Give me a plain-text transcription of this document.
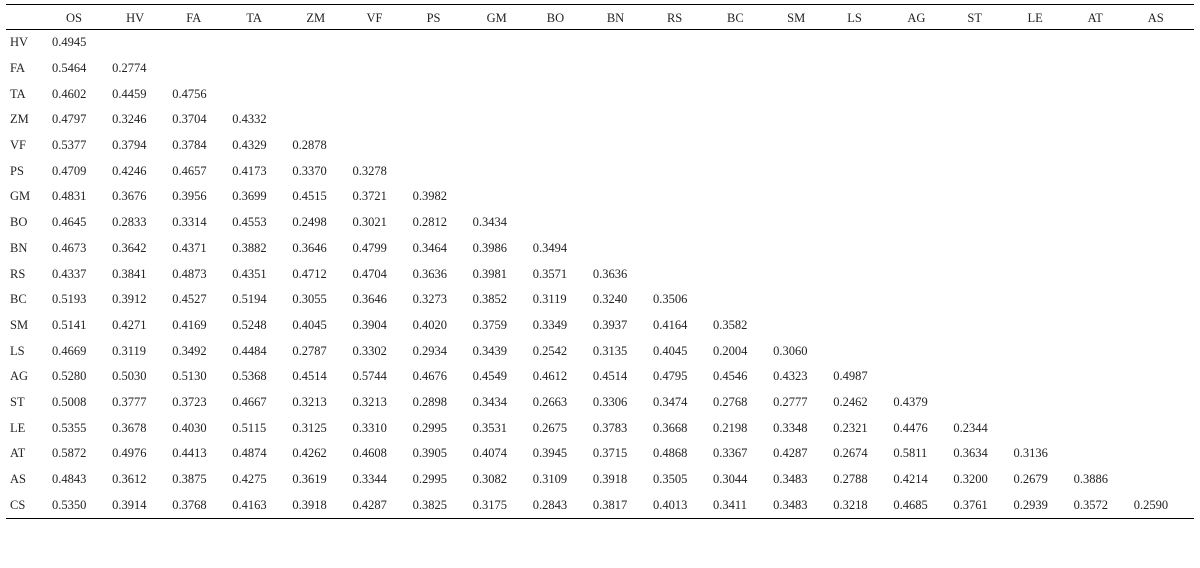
	OS	HV	FA	TA	ZM	VF	PS	GM	BO	BN	RS	BC	SM	LS	AG	ST	LE	AT	AS
HV	0.4945																		
FA	0.5464	0.2774																	
TA	0.4602	0.4459	0.4756																
ZM	0.4797	0.3246	0.3704	0.4332															
VF	0.5377	0.3794	0.3784	0.4329	0.2878														
PS	0.4709	0.4246	0.4657	0.4173	0.3370	0.3278													
GM	0.4831	0.3676	0.3956	0.3699	0.4515	0.3721	0.3982												
BO	0.4645	0.2833	0.3314	0.4553	0.2498	0.3021	0.2812	0.3434											
BN	0.4673	0.3642	0.4371	0.3882	0.3646	0.4799	0.3464	0.3986	0.3494										
RS	0.4337	0.3841	0.4873	0.4351	0.4712	0.4704	0.3636	0.3981	0.3571	0.3636									
BC	0.5193	0.3912	0.4527	0.5194	0.3055	0.3646	0.3273	0.3852	0.3119	0.3240	0.3506								
SM	0.5141	0.4271	0.4169	0.5248	0.4045	0.3904	0.4020	0.3759	0.3349	0.3937	0.4164	0.3582							
LS	0.4669	0.3119	0.3492	0.4484	0.2787	0.3302	0.2934	0.3439	0.2542	0.3135	0.4045	0.2004	0.3060						
AG	0.5280	0.5030	0.5130	0.5368	0.4514	0.5744	0.4676	0.4549	0.4612	0.4514	0.4795	0.4546	0.4323	0.4987					
ST	0.5008	0.3777	0.3723	0.4667	0.3213	0.3213	0.2898	0.3434	0.2663	0.3306	0.3474	0.2768	0.2777	0.2462	0.4379				
LE	0.5355	0.3678	0.4030	0.5115	0.3125	0.3310	0.2995	0.3531	0.2675	0.3783	0.3668	0.2198	0.3348	0.2321	0.4476	0.2344			
AT	0.5872	0.4976	0.4413	0.4874	0.4262	0.4608	0.3905	0.4074	0.3945	0.3715	0.4868	0.3367	0.4287	0.2674	0.5811	0.3634	0.3136		
AS	0.4843	0.3612	0.3875	0.4275	0.3619	0.3344	0.2995	0.3082	0.3109	0.3918	0.3505	0.3044	0.3483	0.2788	0.4214	0.3200	0.2679	0.3886	
CS	0.5350	0.3914	0.3768	0.4163	0.3918	0.4287	0.3825	0.3175	0.2843	0.3817	0.4013	0.3411	0.3483	0.3218	0.4685	0.3761	0.2939	0.3572	0.2590
